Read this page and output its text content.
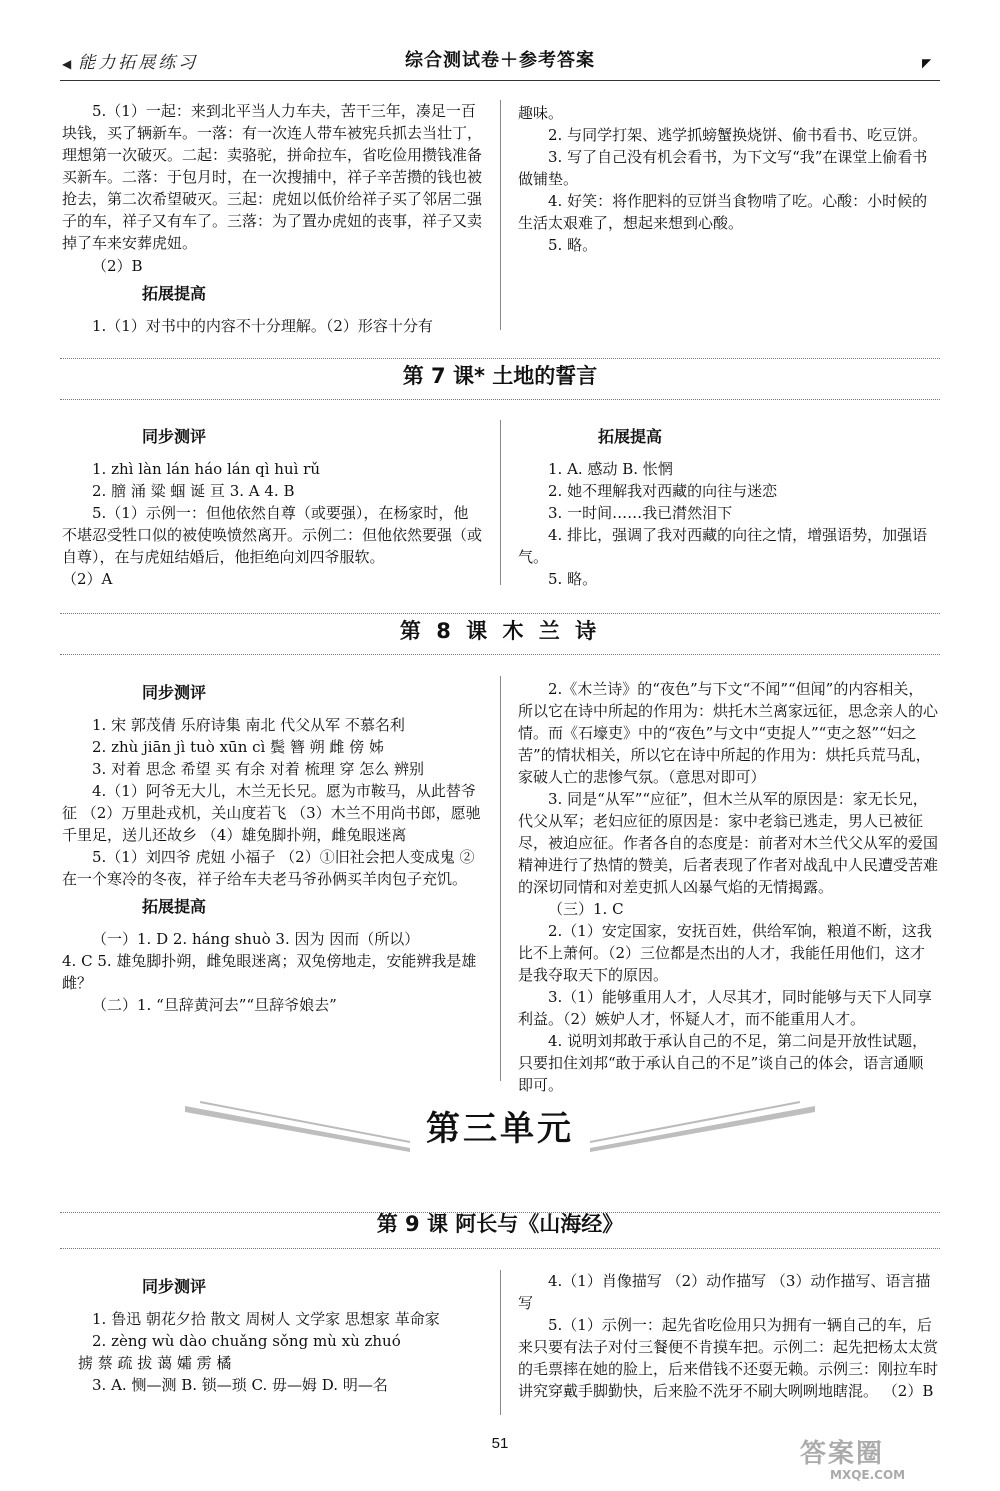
◀ 能力拓展练习	综合测试卷＋参考答案	◤

5.（1）一起：来到北平当人力车夫，苦干三年，凑足一百块钱，买了辆新车。一落：有一次连人带车被宪兵抓去当壮丁，理想第一次破灭。二起：卖骆驼，拼命拉车，省吃俭用攒钱准备买新车。二落：于包月时，在一次搜捕中，祥子辛苦攒的钱也被抢去，第二次希望破灭。三起：虎妞以低价给祥子买了邻居二强子的车，祥子又有车了。三落：为了置办虎妞的丧事，祥子又卖掉了车来安葬虎妞。

（2）B

拓展提高

1.（1）对书中的内容不十分理解。（2）形容十分有

趣味。

2. 与同学打架、逃学抓螃蟹换烧饼、偷书看书、吃豆饼。

3. 写了自己没有机会看书，为下文写“我”在课堂上偷看书做铺垫。

4. 好笑：将作肥料的豆饼当食物啃了吃。心酸：小时候的生活太艰难了，想起来想到心酸。

5. 略。

第 7 课* 土地的誓言

同步测评

1. zhì làn lán háo lán qì huì rǔ

2. 膪 涌 粱 蝈 诞 亘 3. A 4. B

5.（1）示例一：但他依然自尊（或要强），在杨家时，他不堪忍受牲口似的被使唤愤然离开。示例二：但他依然要强（或自尊），在与虎妞结婚后，他拒绝向刘四爷服软。

（2）A

拓展提高

1. A. 感动 B. 怅惘

2. 她不理解我对西藏的向往与迷恋

3. 一时间……我已潸然泪下

4. 排比，强调了我对西藏的向往之情，增强语势，加强语气。

5. 略。

第 8 课 木 兰 诗

同步测评

1. 宋 郭茂倩 乐府诗集 南北 代父从军 不慕名利

2. zhù jiān jì tuò xūn cì 鬓 簪 朔 雌 傍 姊

3. 对着 思念 希望 买 有余 对着 梳理 穿 怎么 辨别

4.（1）阿爷无大儿，木兰无长兄。愿为市鞍马，从此替爷征 （2）万里赴戎机，关山度若飞 （3）木兰不用尚书郎，愿驰千里足，送儿还故乡 （4）雄兔脚扑朔，雌兔眼迷离

5.（1）刘四爷 虎妞 小福子 （2）①旧社会把人变成鬼 ②在一个寒冷的冬夜，祥子给车夫老马爷孙俩买羊肉包子充饥。

拓展提高

（一）1. D 2. háng shuò 3. 因为 因而（所以）

4. C 5. 雄兔脚扑朔，雌兔眼迷离；双兔傍地走，安能辨我是雄雌？

（二）1. “旦辞黄河去”“旦辞爷娘去”

2.《木兰诗》的“夜色”与下文“不闻”“但闻”的内容相关，所以它在诗中所起的作用为：烘托木兰离家远征，思念亲人的心情。而《石壕吏》中的“夜色”与文中“吏捉人”“吏之怒”“妇之苦”的情状相关，所以它在诗中所起的作用为：烘托兵荒马乱，家破人亡的悲惨气氛。（意思对即可）

3. 同是“从军”“应征”，但木兰从军的原因是：家无长兄，代父从军；老妇应征的原因是：家中老翁已逃走，男人已被征尽，被迫应征。作者各自的态度是：前者对木兰代父从军的爱国精神进行了热情的赞美，后者表现了作者对战乱中人民遭受苦难的深切同情和对差吏抓人凶暴气焰的无情揭露。

（三）1. C

2.（1）安定国家，安抚百姓，供给军饷，粮道不断，这我比不上萧何。（2）三位都是杰出的人才，我能任用他们，这才是我夺取天下的原因。

3.（1）能够重用人才，人尽其才，同时能够与天下人同享利益。（2）嫉妒人才，怀疑人才，而不能重用人才。

4. 说明刘邦敢于承认自己的不足，第二问是开放性试题，只要扣住刘邦“敢于承认自己的不足”谈自己的体会，语言通顺即可。

第三单元
第 9 课 阿长与《山海经》

同步测评

1. 鲁迅 朝花夕拾 散文 周树人 文学家 思想家 革命家

2. zèng wù dào chuǎng sǒng mù xù zhuó

掳 蔡 疏 拔 蔼 孀 雳 橘

3. A. 恻—测 B. 锁—琐 C. 毋—姆 D. 明—名

4.（1）肖像描写 （2）动作描写 （3）动作描写、语言描写

5.（1）示例一：起先省吃俭用只为拥有一辆自己的车，后来只要有法子对付三餐便不肯摸车把。示例二：起先把杨太太赏的毛票摔在她的脸上，后来借钱不还耍无赖。示例三：刚拉车时讲究穿戴手脚勤快，后来脸不洗牙不刷大咧咧地瞎混。 （2）B

51	答案圈
MXQE.COM
